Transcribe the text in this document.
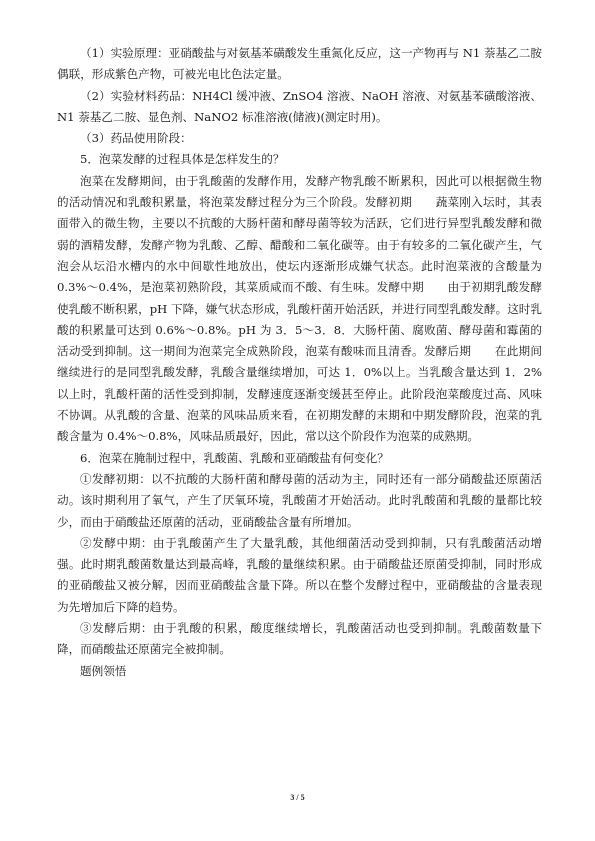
（1）实验原理：亚硝酸盐与对氨基苯磺酸发生重氮化反应，这一产物再与 N1 萘基乙二胺偶联，形成紫色产物，可被光电比色法定量。

（2）实验材料药品：NH4Cl 缓冲液、ZnSO4 溶液、NaOH 溶液、对氨基苯磺酸溶液、N1 萘基乙二胺、显色剂、NaNO2 标准溶液(储液)(测定时用)。

（3）药品使用阶段：

5．泡菜发酵的过程具体是怎样发生的？

泡菜在发酵期间，由于乳酸菌的发酵作用，发酵产物乳酸不断累积，因此可以根据微生物的活动情况和乳酸积累量，将泡菜发酵过程分为三个阶段。发酵初期　　蔬菜刚入坛时，其表面带入的微生物，主要以不抗酸的大肠杆菌和酵母菌等较为活跃，它们进行异型乳酸发酵和微弱的酒精发酵，发酵产物为乳酸、乙醇、醋酸和二氧化碳等。由于有较多的二氧化碳产生，气泡会从坛沿水槽内的水中间歇性地放出，使坛内逐渐形成嫌气状态。此时泡菜液的含酸量为 0.3%～0.4%，是泡菜初熟阶段，其菜质咸而不酸、有生味。发酵中期　　由于初期乳酸发酵使乳酸不断积累，pH 下降，嫌气状态形成，乳酸杆菌开始活跃，并进行同型乳酸发酵。这时乳酸的积累量可达到 0.6%～0.8%。pH 为 3．5～3．8．大肠杆菌、腐败菌、酵母菌和霉菌的活动受到抑制。这一期间为泡菜完全成熟阶段，泡菜有酸味而且清香。发酵后期　　在此期间继续进行的是同型乳酸发酵，乳酸含量继续增加，可达 1．0%以上。当乳酸含量达到 1．2%以上时，乳酸杆菌的活性受到抑制，发酵速度逐渐变缓甚至停止。此阶段泡菜酸度过高、风味不协调。从乳酸的含量、泡菜的风味品质来看，在初期发酵的末期和中期发酵阶段，泡菜的乳酸含量为 0.4%～0.8%，风味品质最好，因此，常以这个阶段作为泡菜的成熟期。

6．泡菜在腌制过程中，乳酸菌、乳酸和亚硝酸盐有何变化？

①发酵初期：以不抗酸的大肠杆菌和酵母菌的活动为主，同时还有一部分硝酸盐还原菌活动。该时期利用了氧气，产生了厌氧环境，乳酸菌才开始活动。此时乳酸菌和乳酸的量都比较少，而由于硝酸盐还原菌的活动，亚硝酸盐含量有所增加。

②发酵中期：由于乳酸菌产生了大量乳酸，其他细菌活动受到抑制，只有乳酸菌活动增强。此时期乳酸菌数量达到最高峰，乳酸的量继续积累。由于硝酸盐还原菌受抑制，同时形成的亚硝酸盐又被分解，因而亚硝酸盐含量下降。所以在整个发酵过程中，亚硝酸盐的含量表现为先增加后下降的趋势。

③发酵后期：由于乳酸的积累，酸度继续增长，乳酸菌活动也受到抑制。乳酸菌数量下降，而硝酸盐还原菌完全被抑制。

题例领悟

3 / 5
